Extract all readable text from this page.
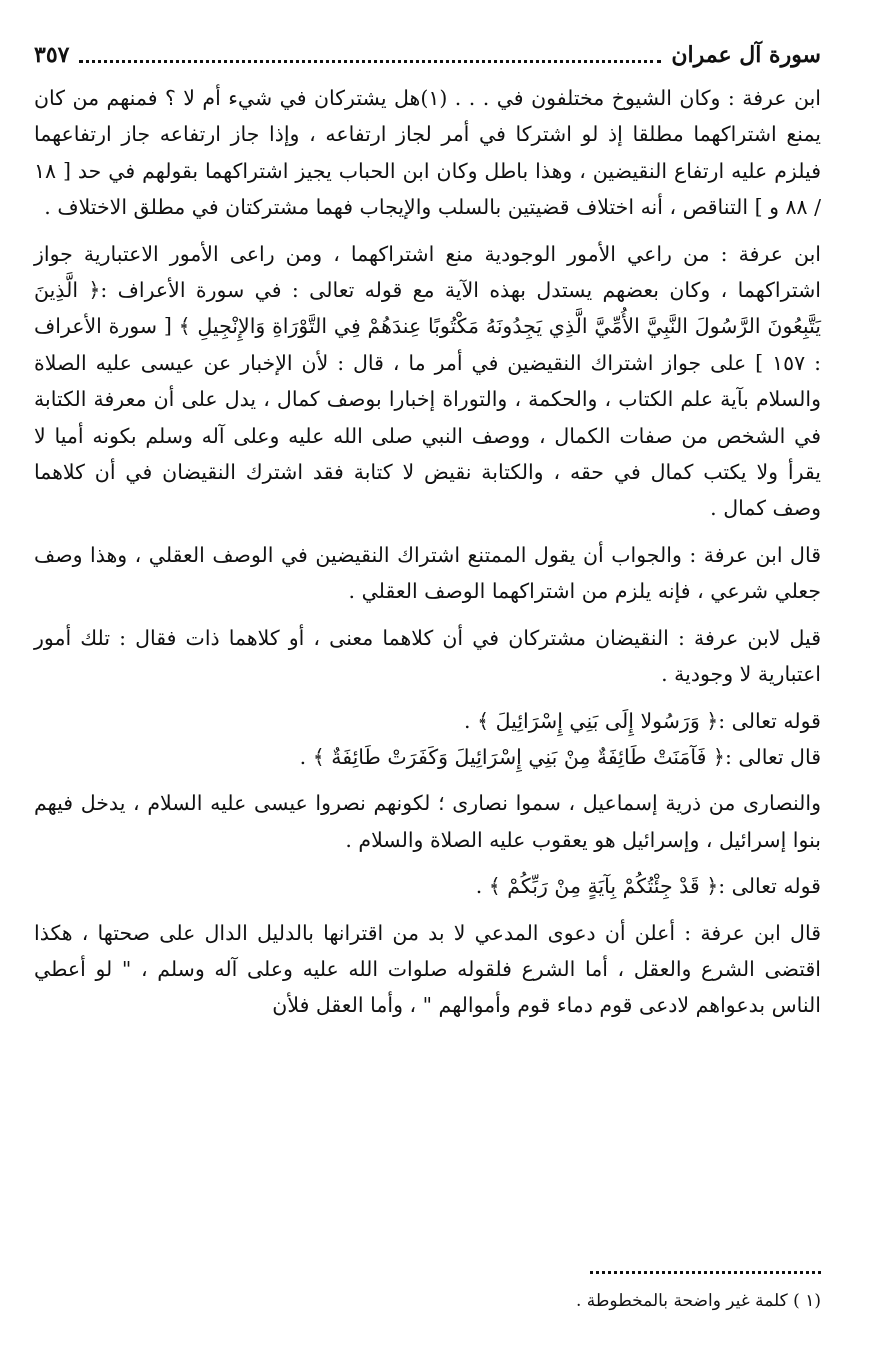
سورة آل عمران
٣٥٧

ابن عرفة : وكان الشيوخ مختلفون في . . . (١)هل يشتركان في شيء أم لا ؟ فمنهم من كان يمنع اشتراكهما مطلقا إذ لو اشتركا في أمر لجاز ارتفاعه ، وإذا جاز ارتفاعه جاز ارتفاعهما فيلزم عليه ارتفاع النقيضين ، وهذا باطل وكان ابن الحباب يجيز اشتراكهما بقولهم في حد [ ١٨ / ٨٨ و ] التناقص ، أنه اختلاف قضيتين بالسلب والإيجاب فهما مشتركتان في مطلق الاختلاف .

ابن عرفة : من راعي الأمور الوجودية منع اشتراكهما ، ومن راعى الأمور الاعتبارية جواز اشتراكهما ، وكان بعضهم يستدل بهذه الآية مع قوله تعالى : في سورة الأعراف :﴿ الَّذِينَ يَتَّبِعُونَ الرَّسُولَ النَّبِيَّ الأُمِّيَّ الَّذِي يَجِدُونَهُ مَكْتُوبًا عِندَهُمْ فِي التَّوْرَاةِ وَالإِنْجِيلِ ﴾ [ سورة الأعراف : ١٥٧ ] على جواز اشتراك النقيضين في أمر ما ، قال : لأن الإخبار عن عيسى عليه الصلاة والسلام بآية علم الكتاب ، والحكمة ، والتوراة إخبارا بوصف كمال ، يدل على أن معرفة الكتابة في الشخص من صفات الكمال ، ووصف النبي صلى الله عليه وعلى آله وسلم بكونه أميا لا يقرأ ولا يكتب كمال في حقه ، والكتابة نقيض لا كتابة فقد اشترك النقيضان في أن كلاهما وصف كمال .

قال ابن عرفة : والجواب أن يقول الممتنع اشتراك النقيضين في الوصف العقلي ، وهذا وصف جعلي شرعي ، فإنه يلزم من اشتراكهما الوصف العقلي .

قيل لابن عرفة : النقيضان مشتركان في أن كلاهما معنى ، أو كلاهما ذات فقال : تلك أمور اعتبارية لا وجودية .

قوله تعالى :﴿ وَرَسُولا إِلَى بَنِي إِسْرَائِيلَ ﴾ .

قال تعالى :﴿ فَآمَنَتْ طَائِفَةٌ مِنْ بَنِي إِسْرَائِيلَ وَكَفَرَتْ طَائِفَةٌ ﴾ .

والنصارى من ذرية إسماعيل ، سموا نصارى ؛ لكونهم نصروا عيسى عليه السلام ، يدخل فيهم بنوا إسرائيل ، وإسرائيل هو يعقوب عليه الصلاة والسلام .

قوله تعالى :﴿ قَدْ جِئْتُكُمْ بِآيَةٍ مِنْ رَبِّكُمْ ﴾ .

قال ابن عرفة : أعلن أن دعوى المدعي لا بد من اقترانها بالدليل الدال على صحتها ، هكذا اقتضى الشرع والعقل ، أما الشرع فلقوله صلوات الله عليه وعلى آله وسلم ، " لو أعطي الناس بدعواهم لادعى قوم دماء قوم وأموالهم " ، وأما العقل فلأن

(١ ) كلمة غير واضحة بالمخطوطة .
